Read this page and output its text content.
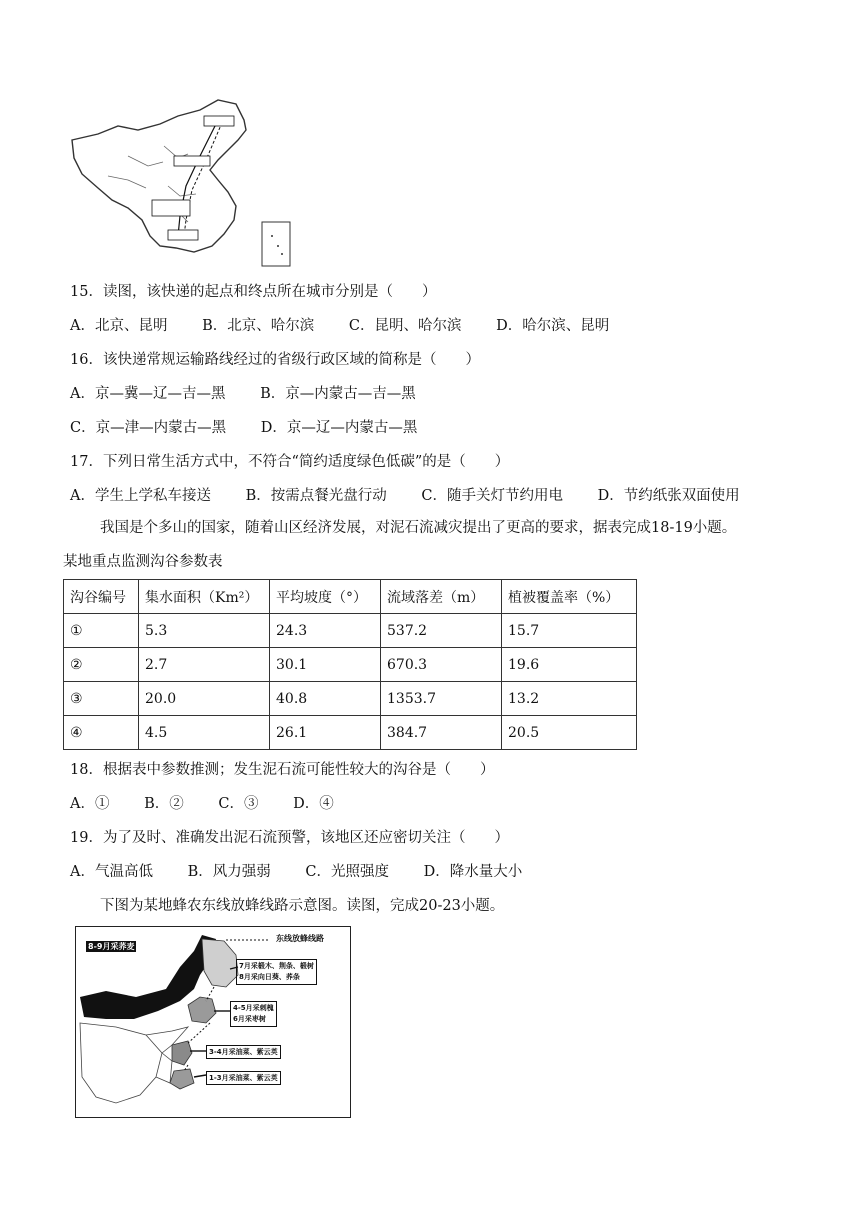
15．读图，该快递的起点和终点所在城市分别是（　　）
A．北京、昆明 B．北京、哈尔滨 C．昆明、哈尔滨 D．哈尔滨、昆明
16．该快递常规运输路线经过的省级行政区域的简称是（　　）
A．京—冀—辽—吉—黑 B．京—内蒙古—吉—黑
C．京—津—内蒙古—黑 D．京—辽—内蒙古—黑
17．下列日常生活方式中，不符合“简约适度绿色低碳”的是（　　）
A．学生上学私车接送 B．按需点餐光盘行动 C．随手关灯节约用电 D．节约纸张双面使用
我国是个多山的国家，随着山区经济发展，对泥石流减灾提出了更高的要求，据表完成18-19小题。
某地重点监测沟谷参数表
沟谷编号	集水面积（Km²）	平均坡度（°）	流域落差（m）	植被覆盖率（%）
①	5.3	24.3	537.2	15.7
②	2.7	30.1	670.3	19.6
③	20.0	40.8	1353.7	13.2
④	4.5	26.1	384.7	20.5
18．根据表中参数推测；发生泥石流可能性较大的沟谷是（　　）
A．① B．② C．③ D．④
19．为了及时、准确发出泥石流预警，该地区还应密切关注（　　）
A．气温高低 B．风力强弱 C．光照强度 D．降水量大小
下图为某地蜂农东线放蜂线路示意图。读图，完成20-23小题。
8-9月采荞麦
东线放蜂线路
7月采椴木、荆条、椴树
8月采向日葵、荞条
4-5月采刺槐
6月采枣树
3-4月采油菜、紫云英
1-3月采油菜、紫云英
